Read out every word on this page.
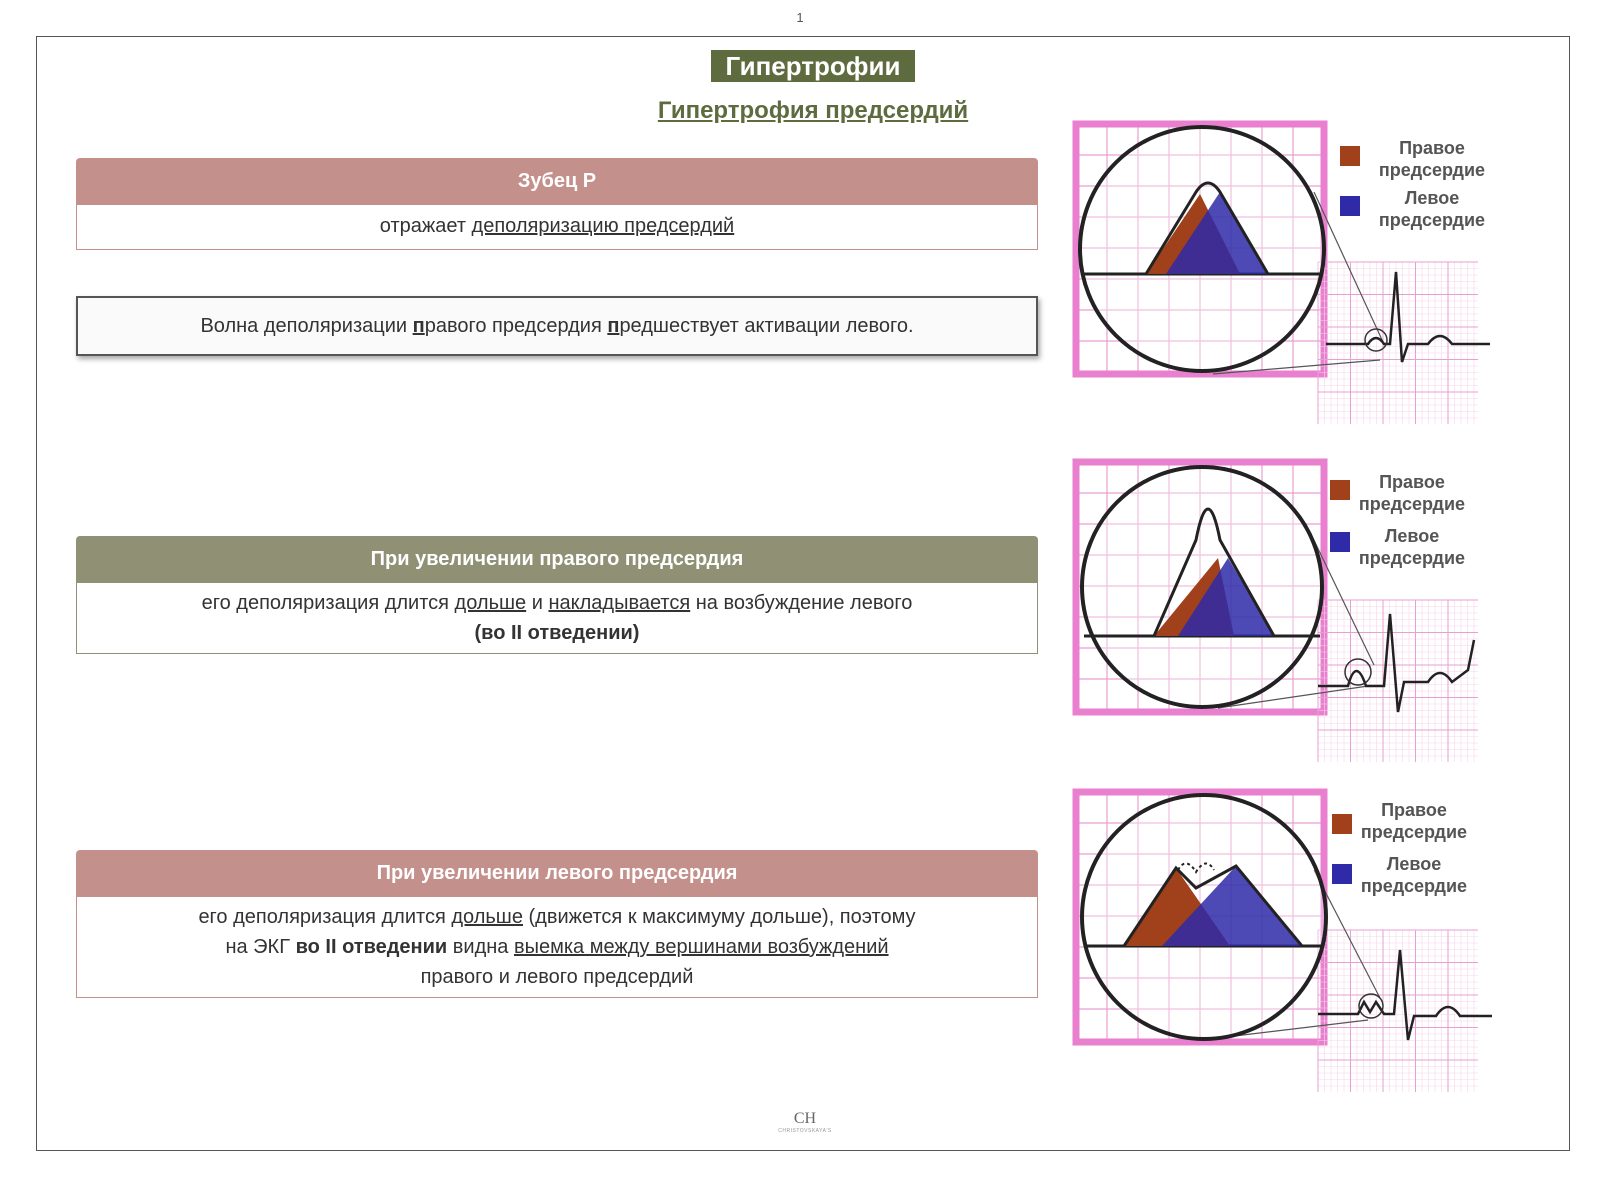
1
Гипертрофии
Гипертрофия предсердий
Зубец Р
отражает деполяризацию предсердий
Волна деполяризации правого предсердия предшествует активации левого.
При увеличении правого предсердия
его деполяризация длится дольше и накладывается на возбуждение левого
(во II отведении)
При увеличении левого предсердия
его деполяризация длится дольше (движется к максимуму дольше), поэтому
на ЭКГ во II отведении видна выемка между вершинами возбуждений
правого и левого предсердий
Правое
предсердие
Левое
предсердие
Правое
предсердие
Левое
предсердие
Правое
предсердие
Левое
предсердие
CH
CHRISTOVSKAYA'S
